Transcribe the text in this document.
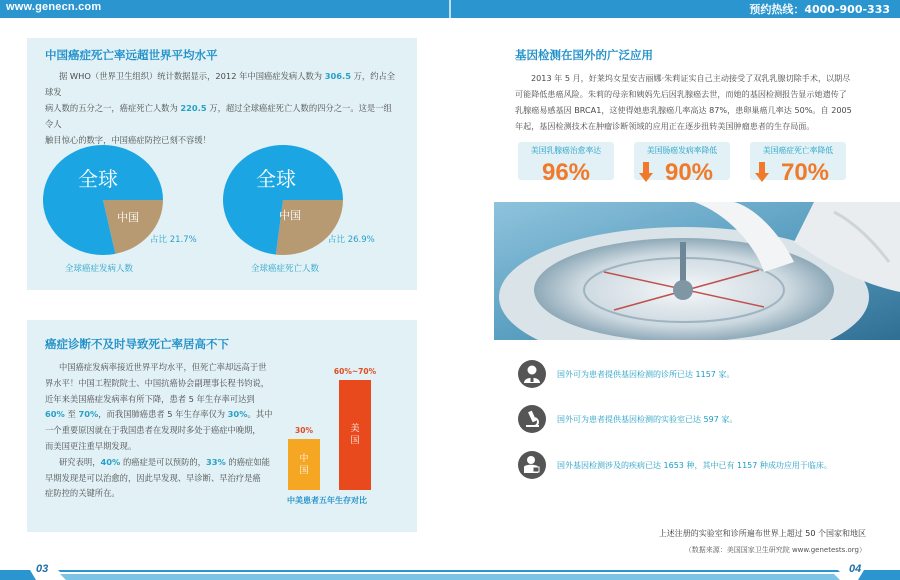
www.genecn.com	预约热线：4000-900-333
中国癌症死亡率远超世界平均水平
据 WHO（世界卫生组织）统计数据显示，2012 年中国癌症发病人数为 306.5 万，约占全球发
病人数的五分之一，癌症死亡人数为 220.5 万，超过全球癌症死亡人数的四分之一。这是一组令人
触目惊心的数字，中国癌症防控已刻不容缓！
全球
中国
占比 21.7%
全球癌症发病人数
全球
中国
占比 26.9%
全球癌症死亡人数
癌症诊断不及时导致死亡率居高不下
中国癌症发病率接近世界平均水平，但死亡率却远高于世
界水平！中国工程院院士、中国抗癌协会副理事长程书钧说，
近年来美国癌症发病率有所下降，患者 5 年生存率可达到
60% 至 70%，而我国肺癌患者 5 年生存率仅为 30%。其中
一个重要原因就在于我国患者在发现时多处于癌症中晚期，
而美国更注重早期发现。
研究表明，40% 的癌症是可以预防的，33% 的癌症如能
早期发现是可以治愈的，因此早发现、早诊断、早治疗是癌
症防控的关键所在。
中国
30%	美国
60%~70%
中美患者五年生存对比
基因检测在国外的广泛应用
2013 年 5 月，好莱坞女星安吉丽娜·朱莉证实自己主动接受了双乳乳腺切除手术，以期尽
可能降低患癌风险。朱莉的母亲和姨妈先后因乳腺癌去世，而她的基因检测报告显示她遗传了
乳腺癌易感基因 BRCA1，这使得她患乳腺癌几率高达 87%，患卵巢癌几率达 50%。自 2005
年起，基因检测技术在肿瘤诊断领域的应用正在逐步扭转美国肿瘤患者的生存局面。
美国乳腺癌治愈率达
96%
美国肠癌发病率降低
90%
美国癌症死亡率降低
70%
国外可为患者提供基因检测的诊所已达 1157 家。
国外可为患者提供基因检测的实验室已达 597 家。
国外基因检测涉及的疾病已达 1653 种，其中已有 1157 种成功应用于临床。
上述注册的实验室和诊所遍布世界上超过 50 个国家和地区
（数据来源：美国国家卫生研究院 www.genetests.org）
03	04
